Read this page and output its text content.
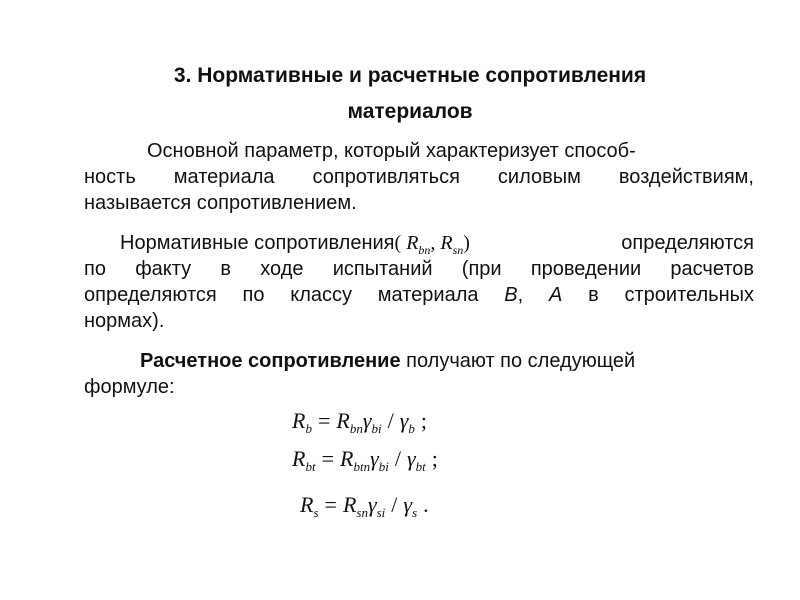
3. Нормативные и расчетные сопротивления
материалов
Основной параметр, который характеризует способ-
ность материала сопротивляться силовым воздействиям,
называется сопротивлением.
Нормативные сопротивления( $R_{bn}$, $R_{sn}$)	определяются
по факту в ходе испытаний (при проведении расчетов
определяются по классу материала B, A в строительных
нормах).
Расчетное сопротивление получают по следующей
формуле:
$R_b = R_{bn}\gamma_{bi} / \gamma_b$ ;
$R_{bt} = R_{btn}\gamma_{bi} / \gamma_{bt}$ ;
$R_s = R_{sn}\gamma_{si} / \gamma_s$ .
